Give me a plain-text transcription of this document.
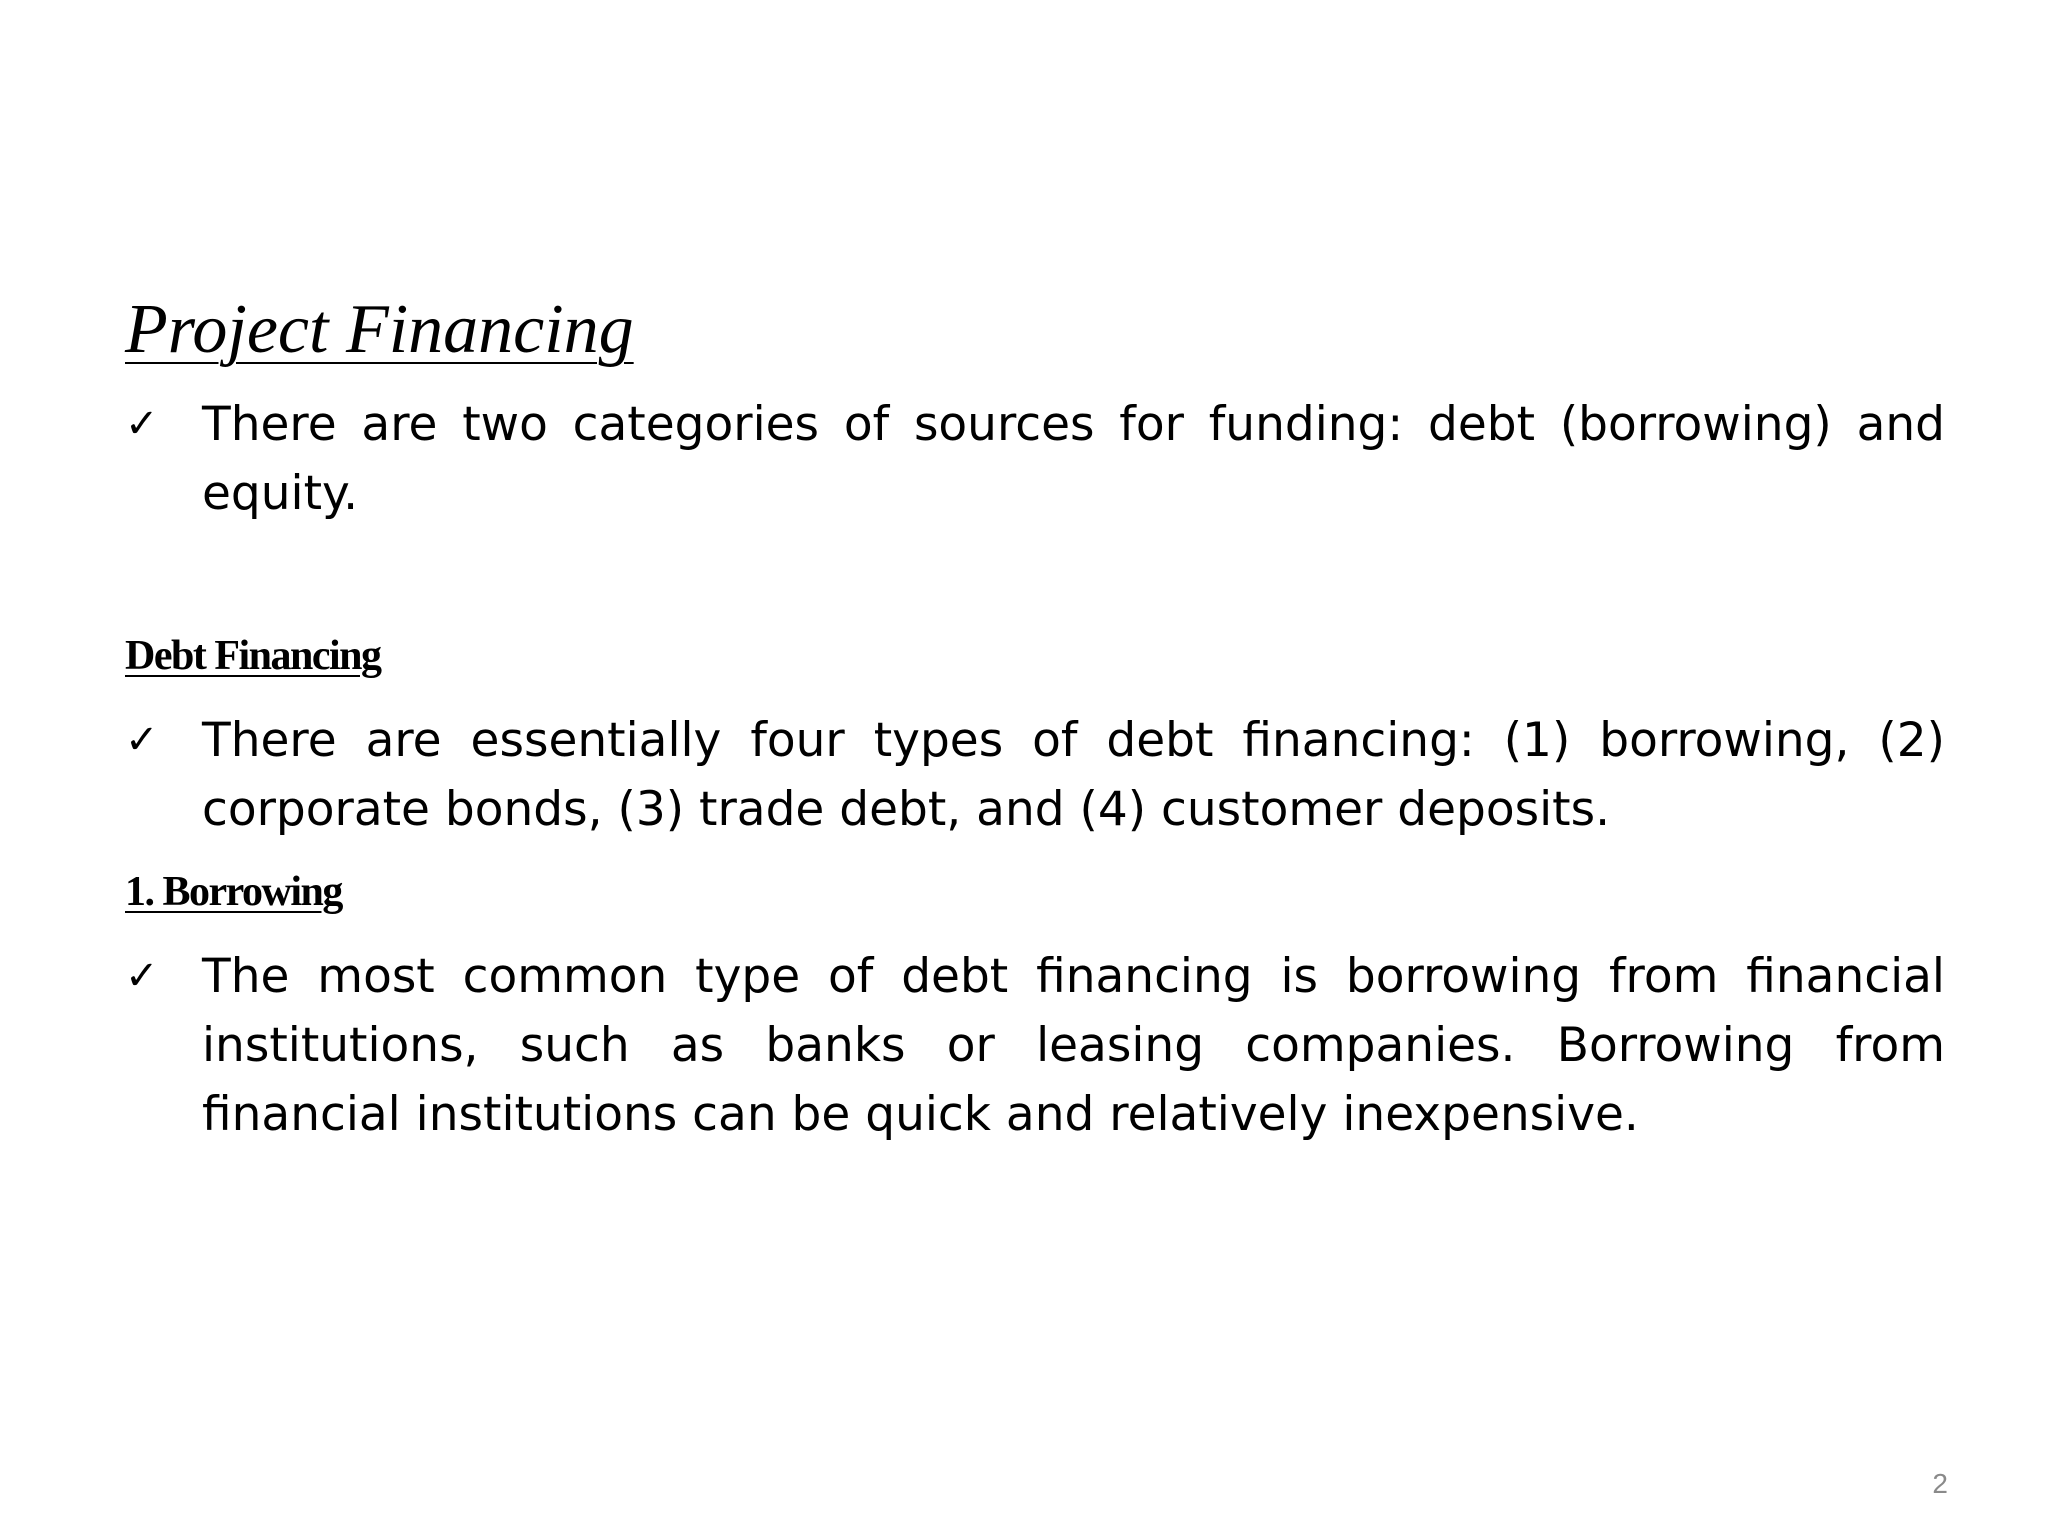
Project Financing
✓ There are two categories of sources for funding: debt (borrowing) and equity.
Debt Financing
✓ There are essentially four types of debt financing: (1) borrowing, (2) corporate bonds, (3) trade debt, and (4) customer deposits.
1. Borrowing
✓ The most common type of debt financing is borrowing from financial institutions, such as banks or leasing companies. Borrowing from financial institutions can be quick and relatively inexpensive.
2
